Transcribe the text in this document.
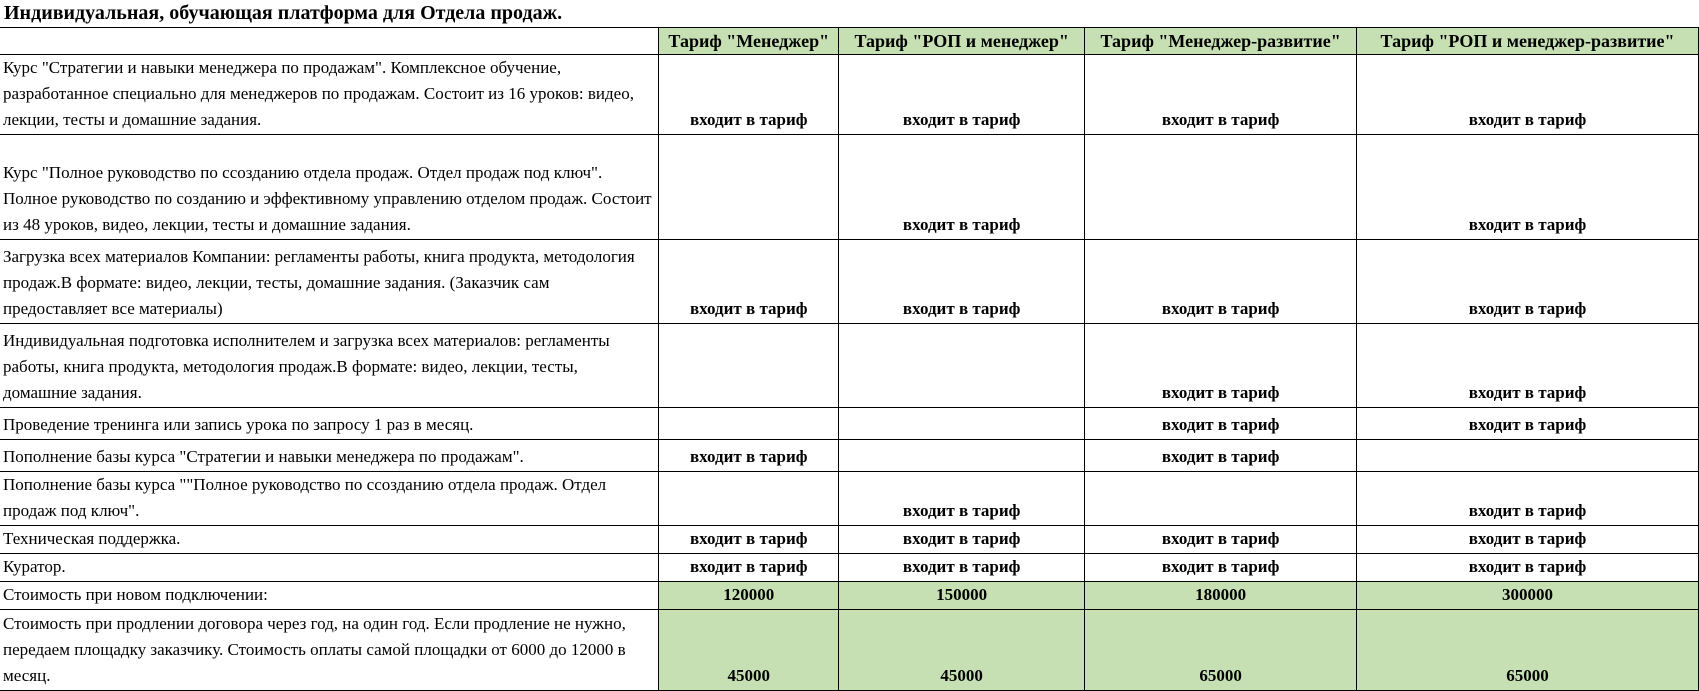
Индивидуальная, обучающая платформа для Отдела продаж.				
	Тариф "Менеджер"	Тариф "РОП и менеджер"	Тариф "Менеджер-развитие"	Тариф "РОП и менеджер-развитие"
Курс "Стратегии и навыки менеджера по продажам". Комплексное обучение, разработанное специально для менеджеров по продажам. Состоит из 16 уроков: видео, лекции, тесты и домашние задания.	входит в тариф	входит в тариф	входит в тариф	входит в тариф
Курс "Полное руководство по ссозданию отдела продаж. Отдел продаж под ключ". Полное руководство по созданию и эффективному управлению отделом продаж. Состоит из 48 уроков, видео, лекции, тесты и домашние задания.		входит в тариф		входит в тариф
Загрузка всех материалов Компании: регламенты работы, книга продукта, методология продаж.В формате: видео, лекции, тесты, домашние задания. (Заказчик сам предоставляет все материалы)	входит в тариф	входит в тариф	входит в тариф	входит в тариф
Индивидуальная подготовка исполнителем и загрузка всех материалов: регламенты работы, книга продукта, методология продаж.В формате: видео, лекции, тесты, домашние задания.			входит в тариф	входит в тариф
Проведение тренинга или запись урока по запросу 1 раз в месяц.			входит в тариф	входит в тариф
Пополнение базы курса "Стратегии и навыки менеджера по продажам".	входит в тариф		входит в тариф	
Пополнение базы курса ""Полное руководство по ссозданию отдела продаж. Отдел продаж под ключ".		входит в тариф		входит в тариф
Техническая поддержка.	входит в тариф	входит в тариф	входит в тариф	входит в тариф
Куратор.	входит в тариф	входит в тариф	входит в тариф	входит в тариф
Стоимость при новом подключении:	120000	150000	180000	300000
Стоимость при продлении договора через год, на один год. Если продление не нужно, передаем площадку заказчику. Стоимость оплаты самой площадки от 6000 до 12000 в месяц.	45000	45000	65000	65000
